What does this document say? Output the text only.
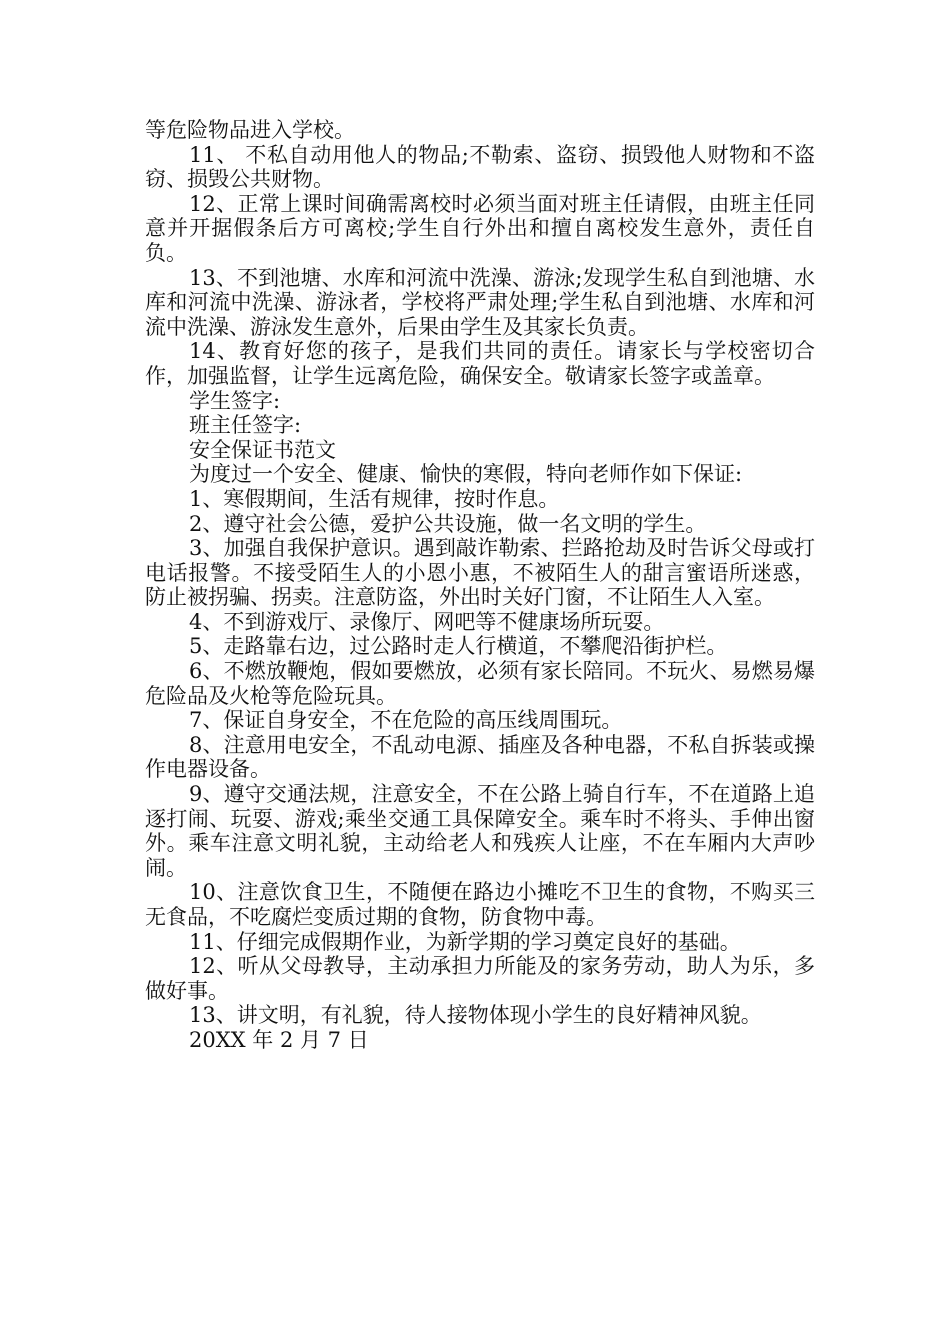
等危险物品进入学校。

11、 不私自动用他人的物品;不勒索、盗窃、损毁他人财物和不盗窃、损毁公共财物。

12、正常上课时间确需离校时必须当面对班主任请假，由班主任同意并开据假条后方可离校;学生自行外出和擅自离校发生意外，责任自负。

13、不到池塘、水库和河流中洗澡、游泳;发现学生私自到池塘、水库和河流中洗澡、游泳者，学校将严肃处理;学生私自到池塘、水库和河流中洗澡、游泳发生意外，后果由学生及其家长负责。

14、教育好您的孩子，是我们共同的责任。请家长与学校密切合作，加强监督，让学生远离危险，确保安全。敬请家长签字或盖章。

学生签字:

班主任签字:

安全保证书范文

为度过一个安全、健康、愉快的寒假，特向老师作如下保证:

1、寒假期间，生活有规律，按时作息。

2、遵守社会公德，爱护公共设施，做一名文明的学生。

3、加强自我保护意识。遇到敲诈勒索、拦路抢劫及时告诉父母或打电话报警。不接受陌生人的小恩小惠，不被陌生人的甜言蜜语所迷惑，防止被拐骗、拐卖。注意防盗，外出时关好门窗，不让陌生人入室。

4、不到游戏厅、录像厅、网吧等不健康场所玩耍。

5、走路靠右边，过公路时走人行横道，不攀爬沿街护栏。

6、不燃放鞭炮，假如要燃放，必须有家长陪同。不玩火、易燃易爆危险品及火枪等危险玩具。

7、保证自身安全，不在危险的高压线周围玩。

8、注意用电安全，不乱动电源、插座及各种电器，不私自拆装或操作电器设备。

9、遵守交通法规，注意安全，不在公路上骑自行车，不在道路上追逐打闹、玩耍、游戏;乘坐交通工具保障安全。乘车时不将头、手伸出窗外。乘车注意文明礼貌，主动给老人和残疾人让座，不在车厢内大声吵闹。

10、注意饮食卫生，不随便在路边小摊吃不卫生的食物，不购买三无食品，不吃腐烂变质过期的食物，防食物中毒。

11、仔细完成假期作业，为新学期的学习奠定良好的基础。

12、听从父母教导，主动承担力所能及的家务劳动，助人为乐，多做好事。

13、讲文明，有礼貌，待人接物体现小学生的良好精神风貌。

20XX 年 2 月 7 日
